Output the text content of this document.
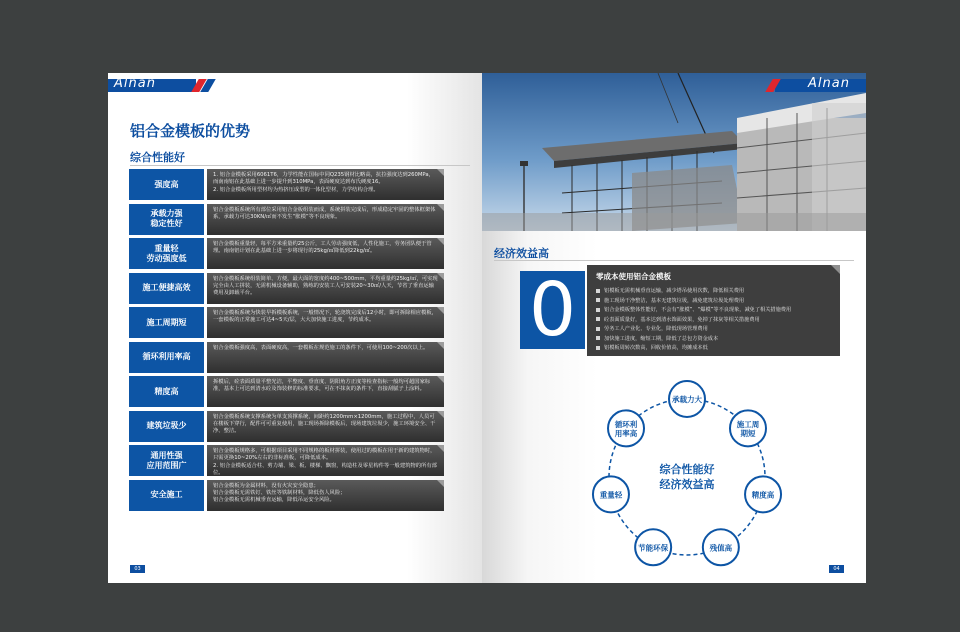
Alnan
铝合金模板的优势
综合性能好
强度高
1. 铝合金模板采用6061T6，力学性能在国标中同Q235钢材比略高，抗拉强度达到260MPa，而南南铝在此基础上进一步提升到310MPa，表面硬度达到布氏硬度16。
2. 铝合金模板所用型材均为热挤压成型的一体化型材，力学结构合理。
承载力强
稳定性好
铝合金模板系统所有部位采用铝合金板组装而成，系统拼装完成后，形成稳定牢固的整体框架体系，承载力可达30KN/㎡而不发生“胀模”等不良现象。
重量轻
劳动强度低
铝合金模板重量轻，每平方米重量约25公斤，工人劳动强度低，人性化施工，劳务团队便于管理。南南铝计划在此基础上进一步将现行的25kg/㎡降低到22kg/㎡。
施工便捷高效
铝合金模板系统组装简单、方便，最大面的宽度约400~500mm，平均重量约25kg/㎡，可实现完全由人工拼装，无需机械设备辅助，熟练的安装工人可安装20~30㎡/人天，节省了垂直运输费用及卸载平台。
施工周期短
铝合金模板系统为快装早拆模板系统，一般情况下，轮浇筑完成后12小时，即可拆除相应模板，一套模板的正常施工可达4~5天/层，大大加快施工进度，节约成本。
循环利用率高
铝合金模板强度高，表面硬度高，一套模板在规范施工的条件下，可使用100~200次以上。
精度高
拆模后，砼表面质量平整光洁，平整度、垂直度、阴阳角方正度等检查指标一般均可超国家标准，基本上可达到清水砼及饰装修的标准要求，可在不抹灰的条件下，直接刮腻子上涂料。
建筑垃圾少
铝合金模板系统支撑系统为单支顶撑系统，间距约1200mm×1200mm，施工过程中，人员可在楼板下穿行，配件可可重复使用，施工现场拆除模板后，现场建筑垃圾少，施工环境安全、干净、整洁。
通用性强
应用范围广
铝合金模板规格多，可根据项目采用不同规格的板材拼装，使用过的模板在用于新的建筑物时，只需更换10~20%左右的非标准板，可降低成本。
2. 铝合金模板适合柱、剪力墙、梁、板、楼梯、飘窗，构造柱及零星构件等一般建筑物的所有部位。
安全施工
铝合金模板为金属材料，没有火灾安全隐患；
铝合金模板无需铁钉、铁丝等铁制材料，降低伤人风险；
铝合金模板无需机械垂直运输，降低吊运安全风险。
03
Alnan
经济效益高
0	零成本使用铝合金模板
铝模板无需机械垂直运输，减少塔吊使用次数，降低相关费用
施工现场干净整洁，基本无建筑垃圾，减免建筑垃圾处理费用
铝合金模板整体性能好，不会有“胀模”、“爆模”等不良现象，减免了相关措施费用
砼表面质量好，基本达到清水饰面效果，免掉了抹灰等相关措施费用
劳务工人产业化、专业化，降低现场管理费用
加快施工进度，缩短工期，降低了总包方资金成本
铝模板周转次数高，回收价值高，均摊成本低
综合性能好
经济效益高
承载力大
施工周期短
精度高
残值高
节能环保
重量轻
循环利用率高
04
